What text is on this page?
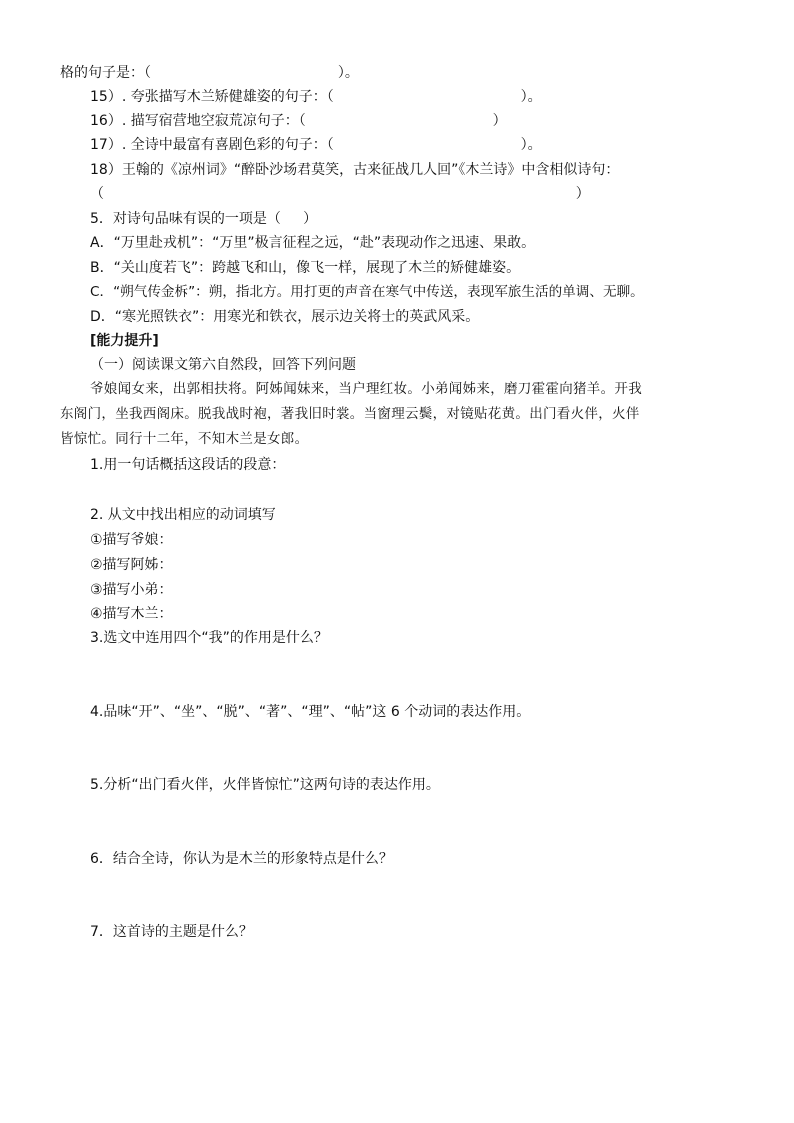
格的句子是：（                                          ）。
15）. 夸张描写木兰矫健雄姿的句子：（                                          ）。
16）. 描写宿营地空寂荒凉句子：（                                          ）
17）. 全诗中最富有喜剧色彩的句子：（                                          ）。
18）王翰的《凉州词》“醉卧沙场君莫笑，古来征战几人回”《木兰诗》中含相似诗句：
（                                                                                                          ）
5．对诗句品味有误的一项是（     ）
A．“万里赴戎机”：“万里”极言征程之远，“赴”表现动作之迅速、果敢。
B．“关山度若飞”：跨越飞和山，像飞一样，展现了木兰的矫健雄姿。
C．“朔气传金柝”：朔，指北方。用打更的声音在寒气中传送，表现军旅生活的单调、无聊。
D．“寒光照铁衣”：用寒光和铁衣，展示边关将士的英武风采。
[能力提升]
（一）阅读课文第六自然段，回答下列问题
爷娘闻女来，出郭相扶将。阿姊闻妹来，当户理红妆。小弟闻姊来，磨刀霍霍向猪羊。开我
东阁门，坐我西阁床。脱我战时袍，著我旧时裳。当窗理云鬓，对镜贴花黄。出门看火伴，火伴
皆惊忙。同行十二年，不知木兰是女郎。
1.用一句话概括这段话的段意：
2. 从文中找出相应的动词填写
①描写爷娘：
②描写阿姊：
③描写小弟：
④描写木兰：
3.选文中连用四个“我”的作用是什么？
4.品味“开”、“坐”、“脱”、“著”、“理”、“帖”这 6 个动词的表达作用。
5.分析“出门看火伴，火伴皆惊忙”这两句诗的表达作用。
6．结合全诗，你认为是木兰的形象特点是什么？
7．这首诗的主题是什么？
